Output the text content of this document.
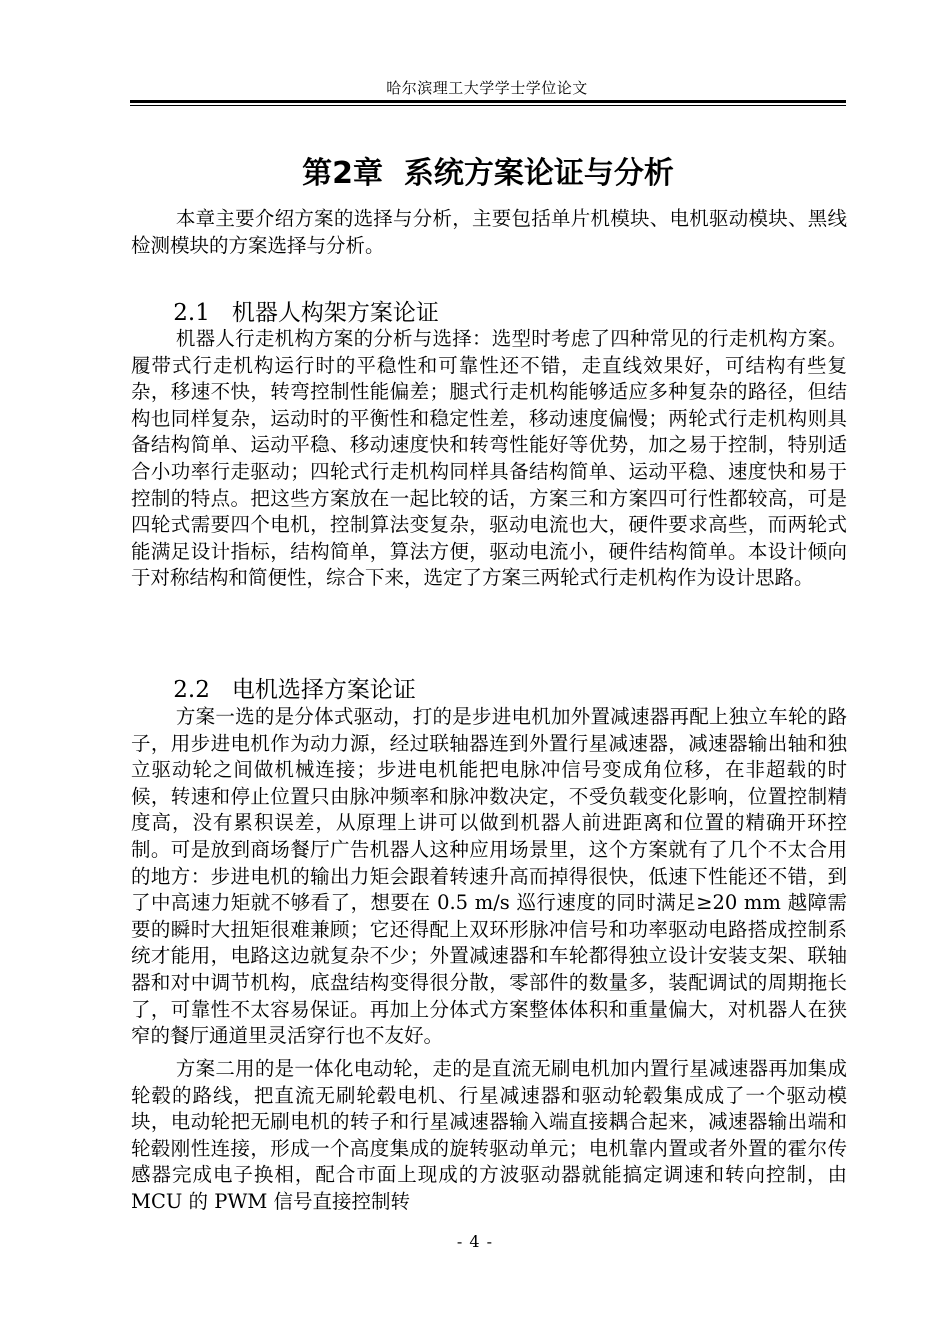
哈尔滨理工大学学士学位论文
第2章  系统方案论证与分析

本章主要介绍方案的选择与分析，主要包括单片机模块、电机驱动模块、黑线检测模块的方案选择与分析。

2.1 机器人构架方案论证

机器人行走机构方案的分析与选择：选型时考虑了四种常见的行走机构方案。履带式行走机构运行时的平稳性和可靠性还不错，走直线效果好，可结构有些复杂，移速不快，转弯控制性能偏差；腿式行走机构能够适应多种复杂的路径，但结构也同样复杂，运动时的平衡性和稳定性差，移动速度偏慢；两轮式行走机构则具备结构简单、运动平稳、移动速度快和转弯性能好等优势，加之易于控制，特别适合小功率行走驱动；四轮式行走机构同样具备结构简单、运动平稳、速度快和易于控制的特点。把这些方案放在一起比较的话，方案三和方案四可行性都较高，可是四轮式需要四个电机，控制算法变复杂，驱动电流也大，硬件要求高些，而两轮式能满足设计指标，结构简单，算法方便，驱动电流小，硬件结构简单。本设计倾向于对称结构和简便性，综合下来，选定了方案三两轮式行走机构作为设计思路。

2.2 电机选择方案论证

方案一选的是分体式驱动，打的是步进电机加外置减速器再配上独立车轮的路子，用步进电机作为动力源，经过联轴器连到外置行星减速器，减速器输出轴和独立驱动轮之间做机械连接；步进电机能把电脉冲信号变成角位移，在非超载的时候，转速和停止位置只由脉冲频率和脉冲数决定，不受负载变化影响，位置控制精度高，没有累积误差，从原理上讲可以做到机器人前进距离和位置的精确开环控制。可是放到商场餐厅广告机器人这种应用场景里，这个方案就有了几个不太合用的地方：步进电机的输出力矩会跟着转速升高而掉得很快，低速下性能还不错，到了中高速力矩就不够看了，想要在 0.5 m/s 巡行速度的同时满足≥20 mm 越障需要的瞬时大扭矩很难兼顾；它还得配上双环形脉冲信号和功率驱动电路搭成控制系统才能用，电路这边就复杂不少；外置减速器和车轮都得独立设计安装支架、联轴器和对中调节机构，底盘结构变得很分散，零部件的数量多，装配调试的周期拖长了，可靠性不太容易保证。再加上分体式方案整体体积和重量偏大，对机器人在狭窄的餐厅通道里灵活穿行也不友好。

方案二用的是一体化电动轮，走的是直流无刷电机加内置行星减速器再加集成轮毂的路线，把直流无刷轮毂电机、行星减速器和驱动轮毂集成成了一个驱动模块，电动轮把无刷电机的转子和行星减速器输入端直接耦合起来，减速器输出端和轮毂刚性连接，形成一个高度集成的旋转驱动单元；电机靠内置或者外置的霍尔传感器完成电子换相，配合市面上现成的方波驱动器就能搞定调速和转向控制，由 MCU 的 PWM 信号直接控制转

- 4 -
